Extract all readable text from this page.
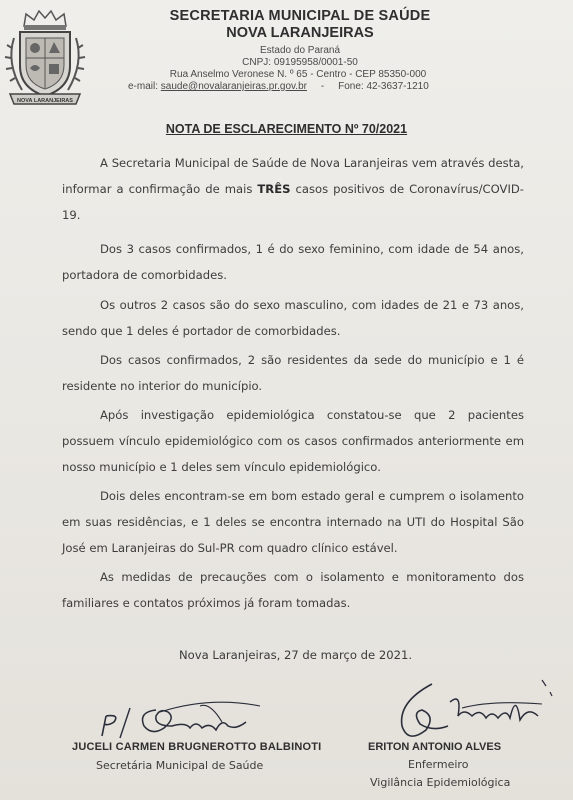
NOVA LARANJEIRAS
SECRETARIA MUNICIPAL DE SAÚDE
NOVA LARANJEIRAS
Estado do Paraná
CNPJ: 09195958/0001-50
Rua Anselmo Veronese N. º 65 - Centro - CEP 85350-000
e-mail: saude@novalaranjeiras.pr.gov.br - Fone: 42-3637-1210
NOTA DE ESCLARECIMENTO Nº 70/2021

A Secretaria Municipal de Saúde de Nova Laranjeiras vem através desta, informar a confirmação de mais TRÊS casos positivos de Coronavírus/COVID-19.

Dos 3 casos confirmados, 1 é do sexo feminino, com idade de 54 anos, portadora de comorbidades.

Os outros 2 casos são do sexo masculino, com idades de 21 e 73 anos, sendo que 1 deles é portador de comorbidades.

Dos casos confirmados, 2 são residentes da sede do município e 1 é residente no interior do município.

Após investigação epidemiológica constatou-se que 2 pacientes possuem vínculo epidemiológico com os casos confirmados anteriormente em nosso município e 1 deles sem vínculo epidemiológico.

Dois deles encontram-se em bom estado geral e cumprem o isolamento em suas residências, e 1 deles se encontra internado na UTI do Hospital São José em Laranjeiras do Sul-PR com quadro clínico estável.

As medidas de precauções com o isolamento e monitoramento dos familiares e contatos próximos já foram tomadas.

Nova Laranjeiras, 27 de março de 2021.
JUCELI CARMEN BRUGNEROTTO BALBINOTI
Secretária Municipal de Saúde
ERITON ANTONIO ALVES
Enfermeiro
Vigilância Epidemiológica
